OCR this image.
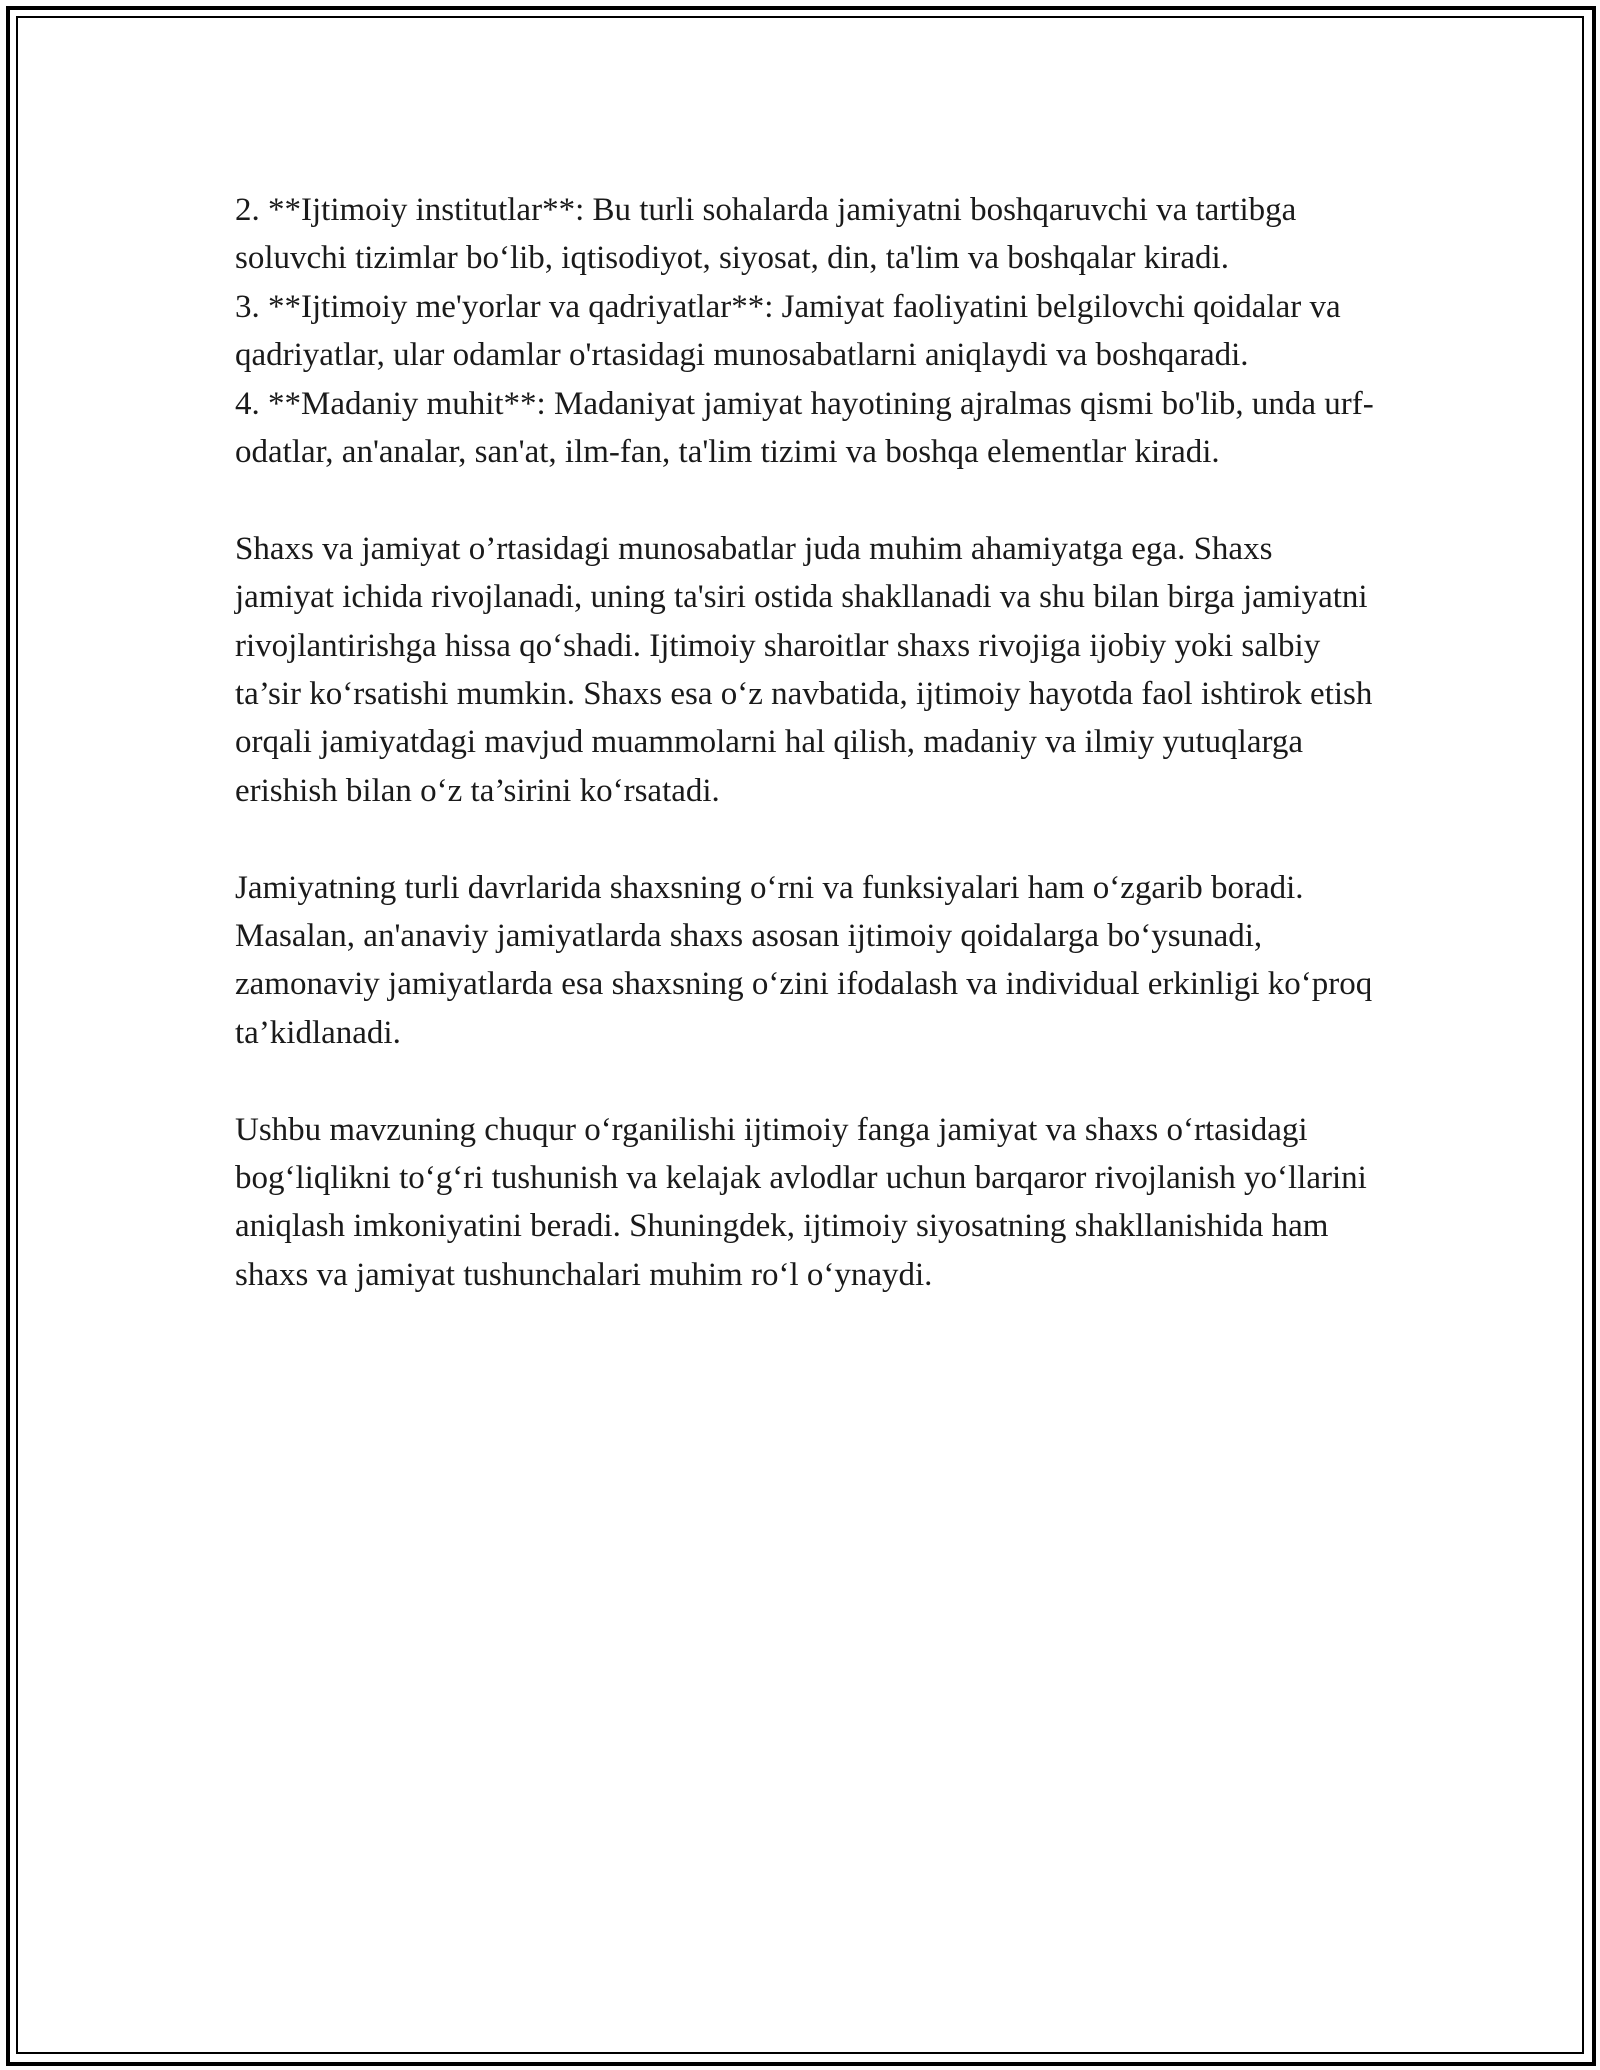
2. **Ijtimoiy institutlar**: Bu turli sohalarda jamiyatni boshqaruvchi va tartibga soluvchi tizimlar bo‘lib, iqtisodiyot, siyosat, din, ta'lim va boshqalar kiradi.

3. **Ijtimoiy me'yorlar va qadriyatlar**: Jamiyat faoliyatini belgilovchi qoidalar va qadriyatlar, ular odamlar o'rtasidagi munosabatlarni aniqlaydi va boshqaradi.

4. **Madaniy muhit**: Madaniyat jamiyat hayotining ajralmas qismi bo'lib, unda urf-odatlar, an'analar, san'at, ilm-fan, ta'lim tizimi va boshqa elementlar kiradi.

Shaxs va jamiyat o’rtasidagi munosabatlar juda muhim ahamiyatga ega. Shaxs jamiyat ichida rivojlanadi, uning ta'siri ostida shakllanadi va shu bilan birga jamiyatni rivojlantirishga hissa qo‘shadi. Ijtimoiy sharoitlar shaxs rivojiga ijobiy yoki salbiy ta’sir ko‘rsatishi mumkin. Shaxs esa o‘z navbatida, ijtimoiy hayotda faol ishtirok etish orqali jamiyatdagi mavjud muammolarni hal qilish, madaniy va ilmiy yutuqlarga erishish bilan o‘z ta’sirini ko‘rsatadi.

Jamiyatning turli davrlarida shaxsning o‘rni va funksiyalari ham o‘zgarib boradi. Masalan, an'anaviy jamiyatlarda shaxs asosan ijtimoiy qoidalarga bo‘ysunadi, zamonaviy jamiyatlarda esa shaxsning o‘zini ifodalash va individual erkinligi ko‘proq ta’kidlanadi.

Ushbu mavzuning chuqur o‘rganilishi ijtimoiy fanga jamiyat va shaxs o‘rtasidagi bog‘liqlikni to‘g‘ri tushunish va kelajak avlodlar uchun barqaror rivojlanish yo‘llarini aniqlash imkoniyatini beradi. Shuningdek, ijtimoiy siyosatning shakllanishida ham shaxs va jamiyat tushunchalari muhim ro‘l o‘ynaydi.
